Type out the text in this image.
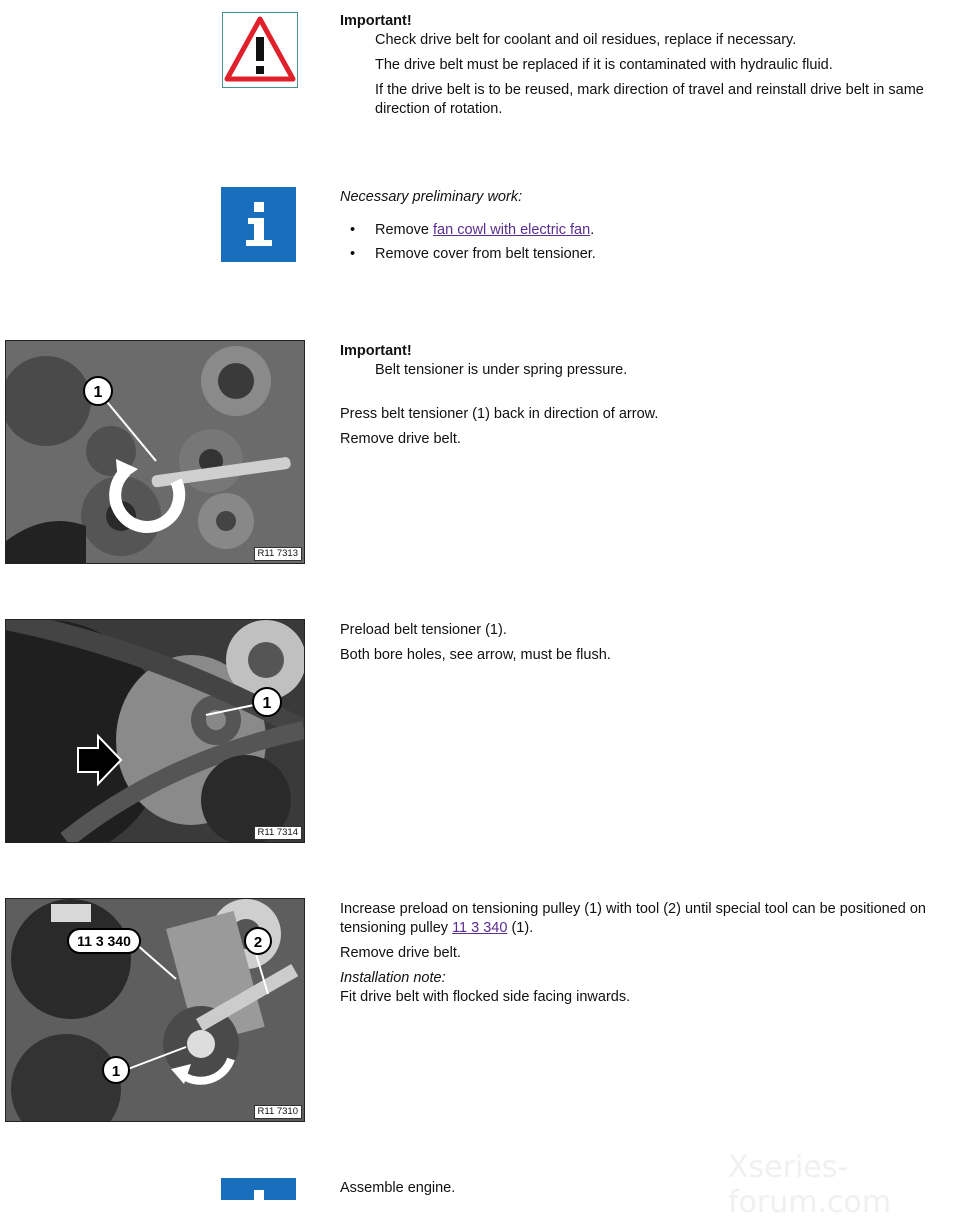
Important!
Check drive belt for coolant and oil residues, replace if necessary.
The drive belt must be replaced if it is contaminated with hydraulic fluid.
If the drive belt is to be reused, mark direction of travel and reinstall drive belt in same direction of rotation.
Necessary preliminary work:
• Remove fan cowl with electric fan.
• Remove cover from belt tensioner.
1
R11 7313
Important!
Belt tensioner is under spring pressure.
Press belt tensioner (1) back in direction of arrow.
Remove drive belt.
1
R11 7314
Preload belt tensioner (1).
Both bore holes, see arrow, must be flush.
11 3 340	2
1
R11 7310
Increase preload on tensioning pulley (1) with tool (2) until special tool can be positioned on tensioning pulley 11 3 340 (1).
Remove drive belt.
Installation note:
Fit drive belt with flocked side facing inwards.
Assemble engine.
Xseries-forum.com
